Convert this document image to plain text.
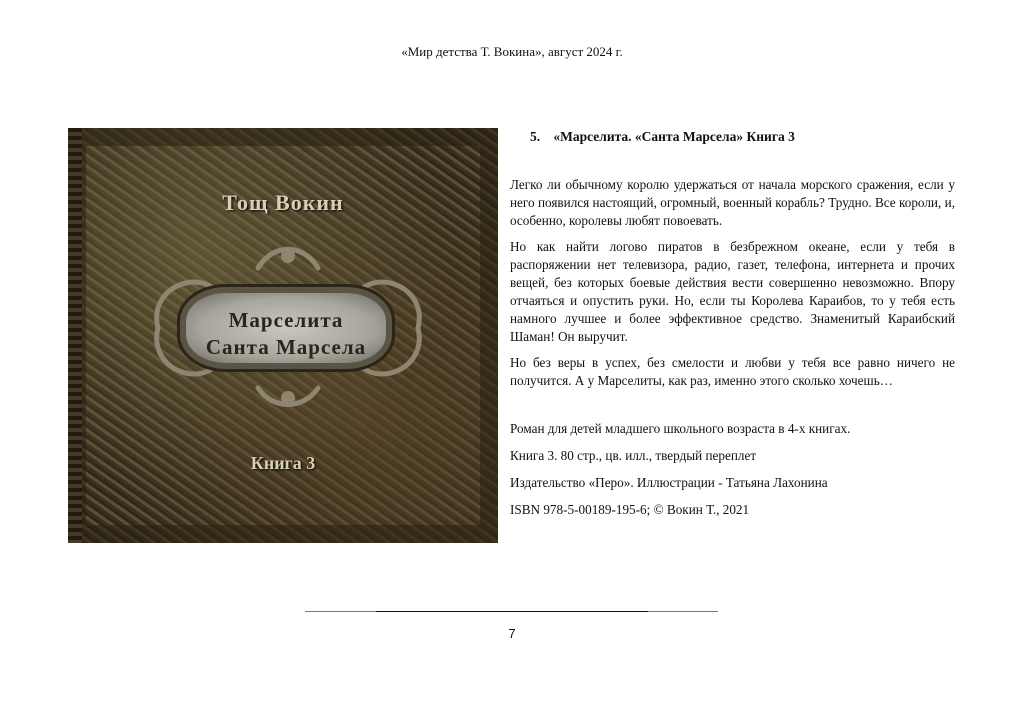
«Мир детства Т. Вокина», август 2024 г.
Тощ Вокин
Марселита
Санта Марсела
Книга 3

5. «Марселита. «Санта Марсела» Книга 3

Легко ли обычному королю удержаться от начала морского сражения, если у него появился настоящий, огромный, военный корабль? Трудно. Все короли, и, особенно, королевы любят повоевать.

Но как найти логово пиратов в безбрежном океане, если у тебя в распоряжении нет телевизора, радио, газет, телефона, интернета и прочих вещей, без которых боевые действия вести совершенно невозможно. Впору отчаяться и опустить руки. Но, если ты Королева Караибов, то у тебя есть намного лучшее и более эффективное средство. Знаменитый Караибский Шаман! Он выручит.

Но без веры в успех, без смелости и любви у тебя все равно ничего не получится. А у Марселиты, как раз, именно этого сколько хочешь…

Роман для детей младшего школьного возраста в 4-х книгах.

Книга 3. 80 стр., цв. илл., твердый переплет

Издательство «Перо». Иллюстрации - Татьяна Лахонина

ISBN 978-5-00189-195-6; © Вокин Т., 2021

7
